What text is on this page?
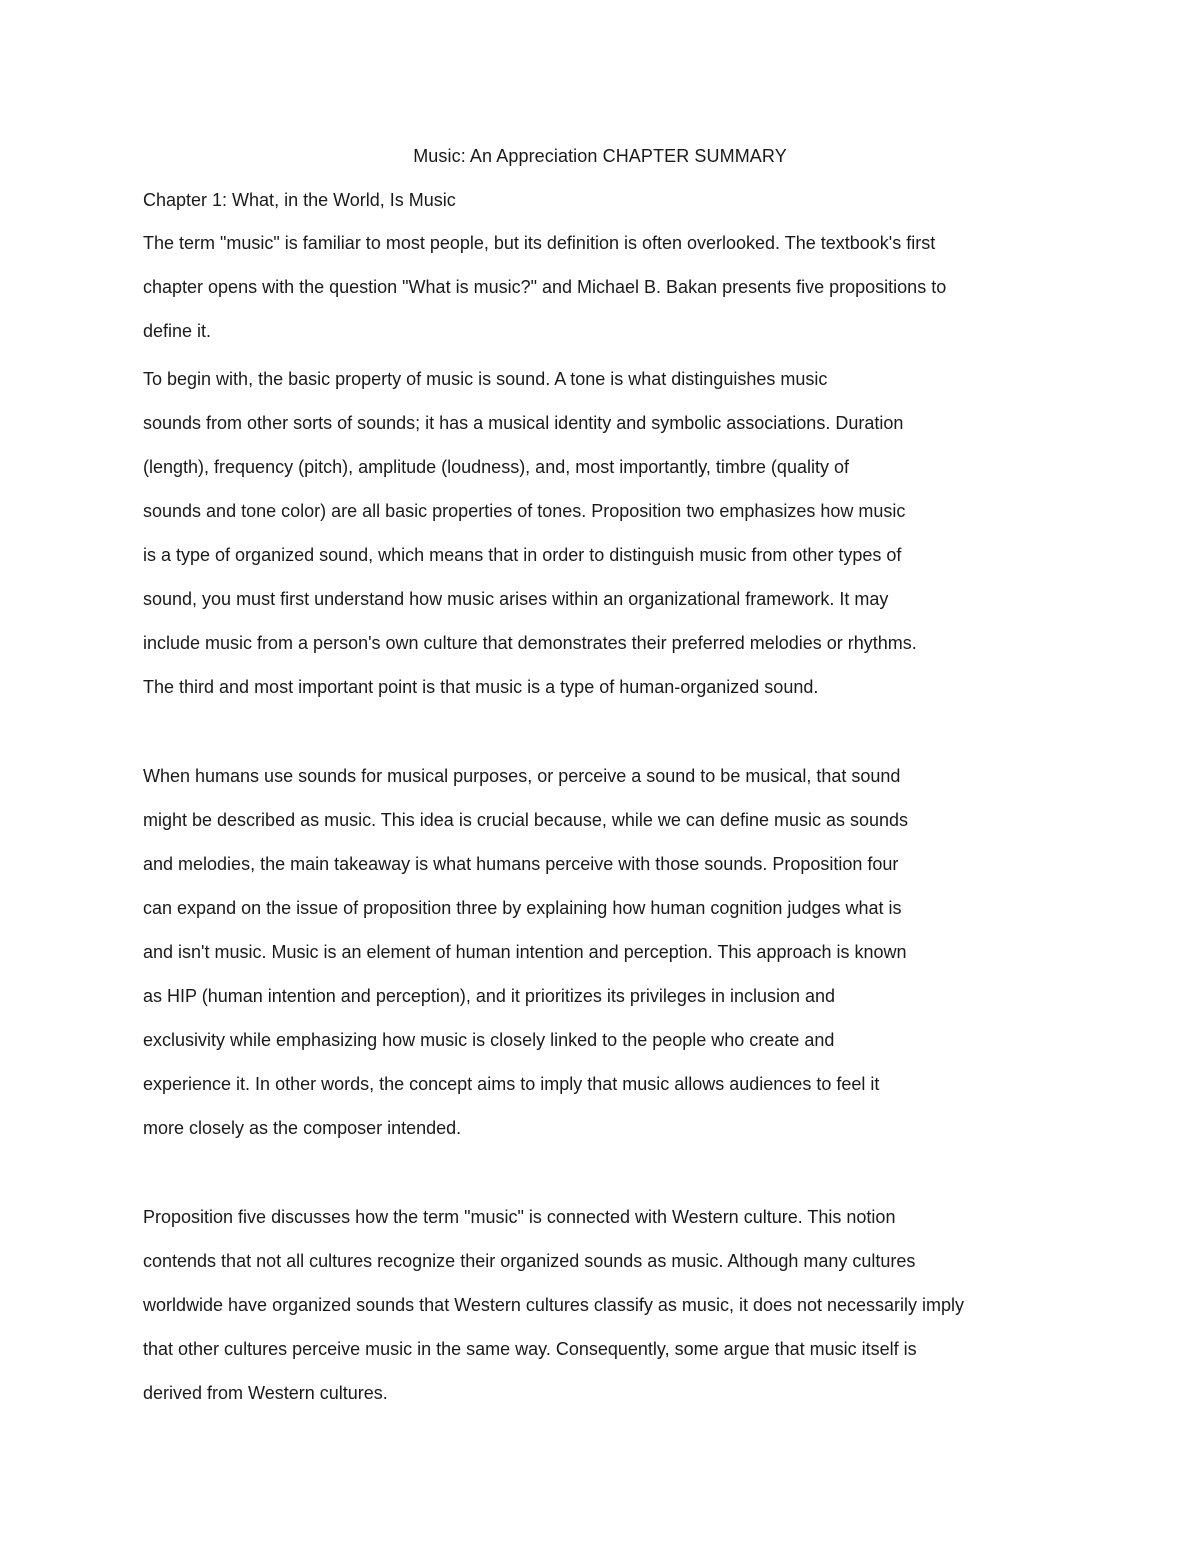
Music: An Appreciation CHAPTER SUMMARY
Chapter 1: What, in the World, Is Music
The term "music" is familiar to most people, but its definition is often overlooked. The textbook's first
chapter opens with the question "What is music?" and Michael B. Bakan presents five propositions to
define it.
To begin with, the basic property of music is sound. A tone is what distinguishes music
sounds from other sorts of sounds; it has a musical identity and symbolic associations. Duration
(length), frequency (pitch), amplitude (loudness), and, most importantly, timbre (quality of
sounds and tone color) are all basic properties of tones. Proposition two emphasizes how music
is a type of organized sound, which means that in order to distinguish music from other types of
sound, you must first understand how music arises within an organizational framework. It may
include music from a person's own culture that demonstrates their preferred melodies or rhythms.
The third and most important point is that music is a type of human-organized sound.
When humans use sounds for musical purposes, or perceive a sound to be musical, that sound
might be described as music. This idea is crucial because, while we can define music as sounds
and melodies, the main takeaway is what humans perceive with those sounds. Proposition four
can expand on the issue of proposition three by explaining how human cognition judges what is
and isn't music. Music is an element of human intention and perception. This approach is known
as HIP (human intention and perception), and it prioritizes its privileges in inclusion and
exclusivity while emphasizing how music is closely linked to the people who create and
experience it. In other words, the concept aims to imply that music allows audiences to feel it
more closely as the composer intended.
Proposition five discusses how the term "music" is connected with Western culture. This notion
contends that not all cultures recognize their organized sounds as music. Although many cultures
worldwide have organized sounds that Western cultures classify as music, it does not necessarily imply
that other cultures perceive music in the same way. Consequently, some argue that music itself is
derived from Western cultures.
